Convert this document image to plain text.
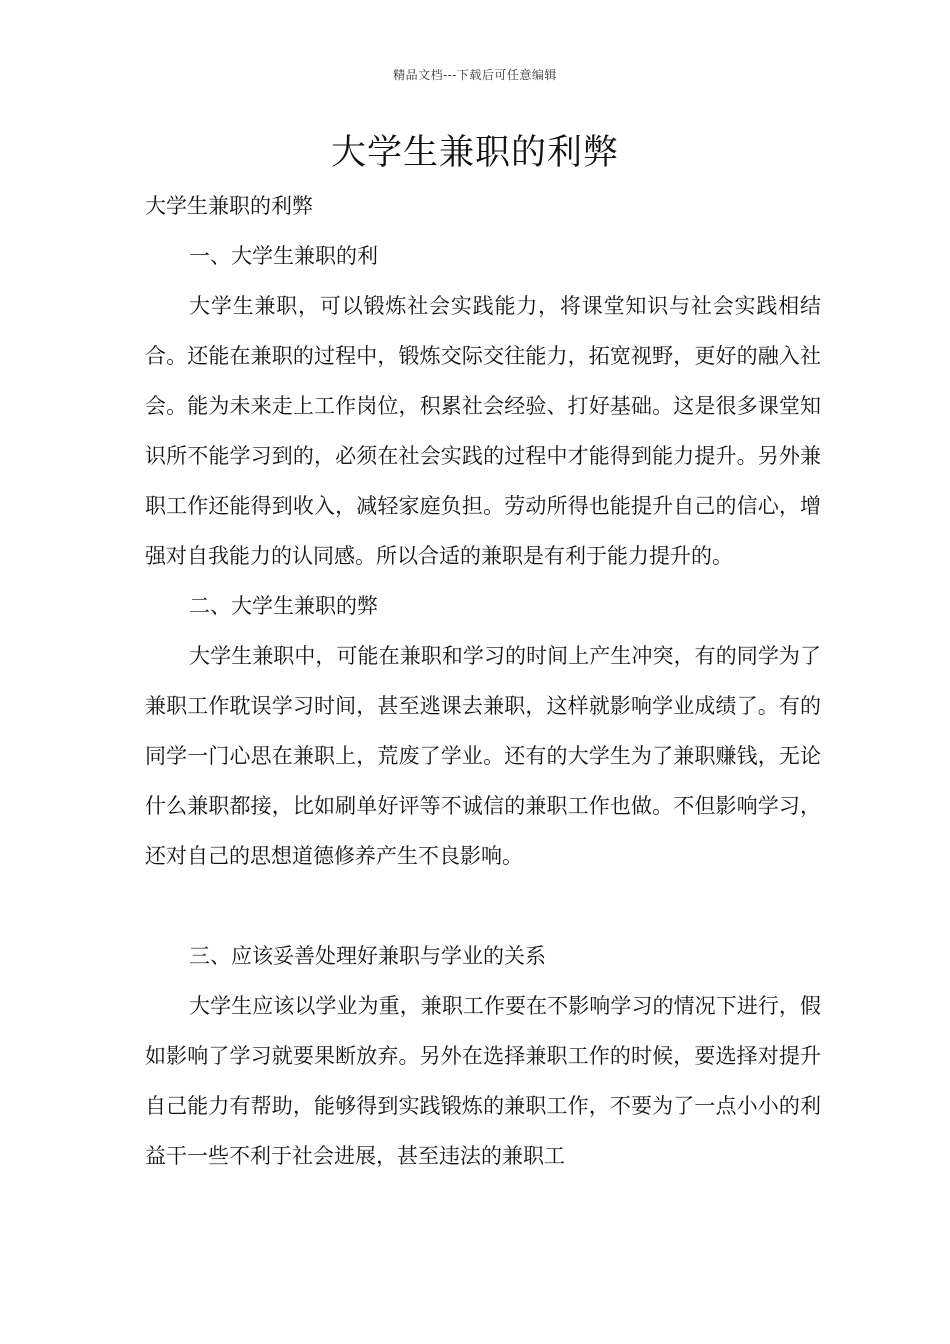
精品文档---下载后可任意编辑
大学生兼职的利弊

大学生兼职的利弊

一、大学生兼职的利

大学生兼职，可以锻炼社会实践能力，将课堂知识与社会实践相结合。还能在兼职的过程中，锻炼交际交往能力，拓宽视野，更好的融入社会。能为未来走上工作岗位，积累社会经验、打好基础。这是很多课堂知识所不能学习到的，必须在社会实践的过程中才能得到能力提升。另外兼职工作还能得到收入，减轻家庭负担。劳动所得也能提升自己的信心，增强对自我能力的认同感。所以合适的兼职是有利于能力提升的。

二、大学生兼职的弊

大学生兼职中，可能在兼职和学习的时间上产生冲突，有的同学为了兼职工作耽误学习时间，甚至逃课去兼职，这样就影响学业成绩了。有的同学一门心思在兼职上，荒废了学业。还有的大学生为了兼职赚钱，无论什么兼职都接，比如刷单好评等不诚信的兼职工作也做。不但影响学习，还对自己的思想道德修养产生不良影响。

三、应该妥善处理好兼职与学业的关系

大学生应该以学业为重，兼职工作要在不影响学习的情况下进行，假如影响了学习就要果断放弃。另外在选择兼职工作的时候，要选择对提升自己能力有帮助，能够得到实践锻炼的兼职工作，不要为了一点小小的利益干一些不利于社会进展，甚至违法的兼职工
